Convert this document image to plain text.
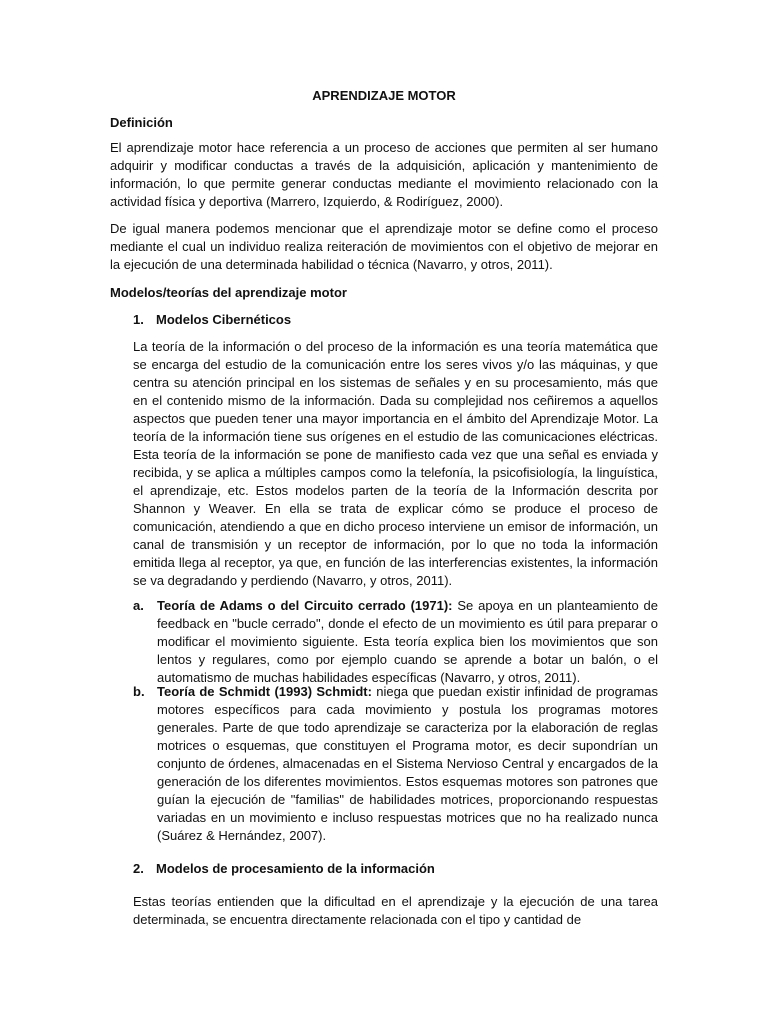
APRENDIZAJE MOTOR
Definición

El aprendizaje motor hace referencia a un proceso de acciones que permiten al ser humano adquirir y modificar conductas a través de la adquisición, aplicación y mantenimiento de información, lo que permite generar conductas mediante el movimiento relacionado con la actividad física y deportiva (Marrero, Izquierdo, & Rodiríguez, 2000).

De igual manera podemos mencionar que el aprendizaje motor se define como el proceso mediante el cual un individuo realiza reiteración de movimientos con el objetivo de mejorar en la ejecución de una determinada habilidad o técnica (Navarro, y otros, 2011).

Modelos/teorías del aprendizaje motor
1. Modelos Cibernéticos

La teoría de la información o del proceso de la información es una teoría matemática que se encarga del estudio de la comunicación entre los seres vivos y/o las máquinas, y que centra su atención principal en los sistemas de señales y en su procesamiento, más que en el contenido mismo de la información. Dada su complejidad nos ceñiremos a aquellos aspectos que pueden tener una mayor importancia en el ámbito del Aprendizaje Motor. La teoría de la información tiene sus orígenes en el estudio de las comunicaciones eléctricas. Esta teoría de la información se pone de manifiesto cada vez que una señal es enviada y recibida, y se aplica a múltiples campos como la telefonía, la psicofisiología, la linguística, el aprendizaje, etc. Estos modelos parten de la teoría de la Información descrita por Shannon y Weaver. En ella se trata de explicar cómo se produce el proceso de comunicación, atendiendo a que en dicho proceso interviene un emisor de información, un canal de transmisión y un receptor de información, por lo que no toda la información emitida llega al receptor, ya que, en función de las interferencias existentes, la información se va degradando y perdiendo (Navarro, y otros, 2011).

a. Teoría de Adams o del Circuito cerrado (1971): Se apoya en un planteamiento de feedback en "bucle cerrado", donde el efecto de un movimiento es útil para preparar o modificar el movimiento siguiente. Esta teoría explica bien los movimientos que son lentos y regulares, como por ejemplo cuando se aprende a botar un balón, o el automatismo de muchas habilidades específicas (Navarro, y otros, 2011).
b. Teoría de Schmidt (1993) Schmidt: niega que puedan existir infinidad de programas motores específicos para cada movimiento y postula los programas motores generales. Parte de que todo aprendizaje se caracteriza por la elaboración de reglas motrices o esquemas, que constituyen el Programa motor, es decir supondrían un conjunto de órdenes, almacenadas en el Sistema Nervioso Central y encargados de la generación de los diferentes movimientos. Estos esquemas motores son patrones que guían la ejecución de "familias" de habilidades motrices, proporcionando respuestas variadas en un movimiento e incluso respuestas motrices que no ha realizado nunca (Suárez & Hernández, 2007).
2. Modelos de procesamiento de la información

Estas teorías entienden que la dificultad en el aprendizaje y la ejecución de una tarea determinada, se encuentra directamente relacionada con el tipo y cantidad de
